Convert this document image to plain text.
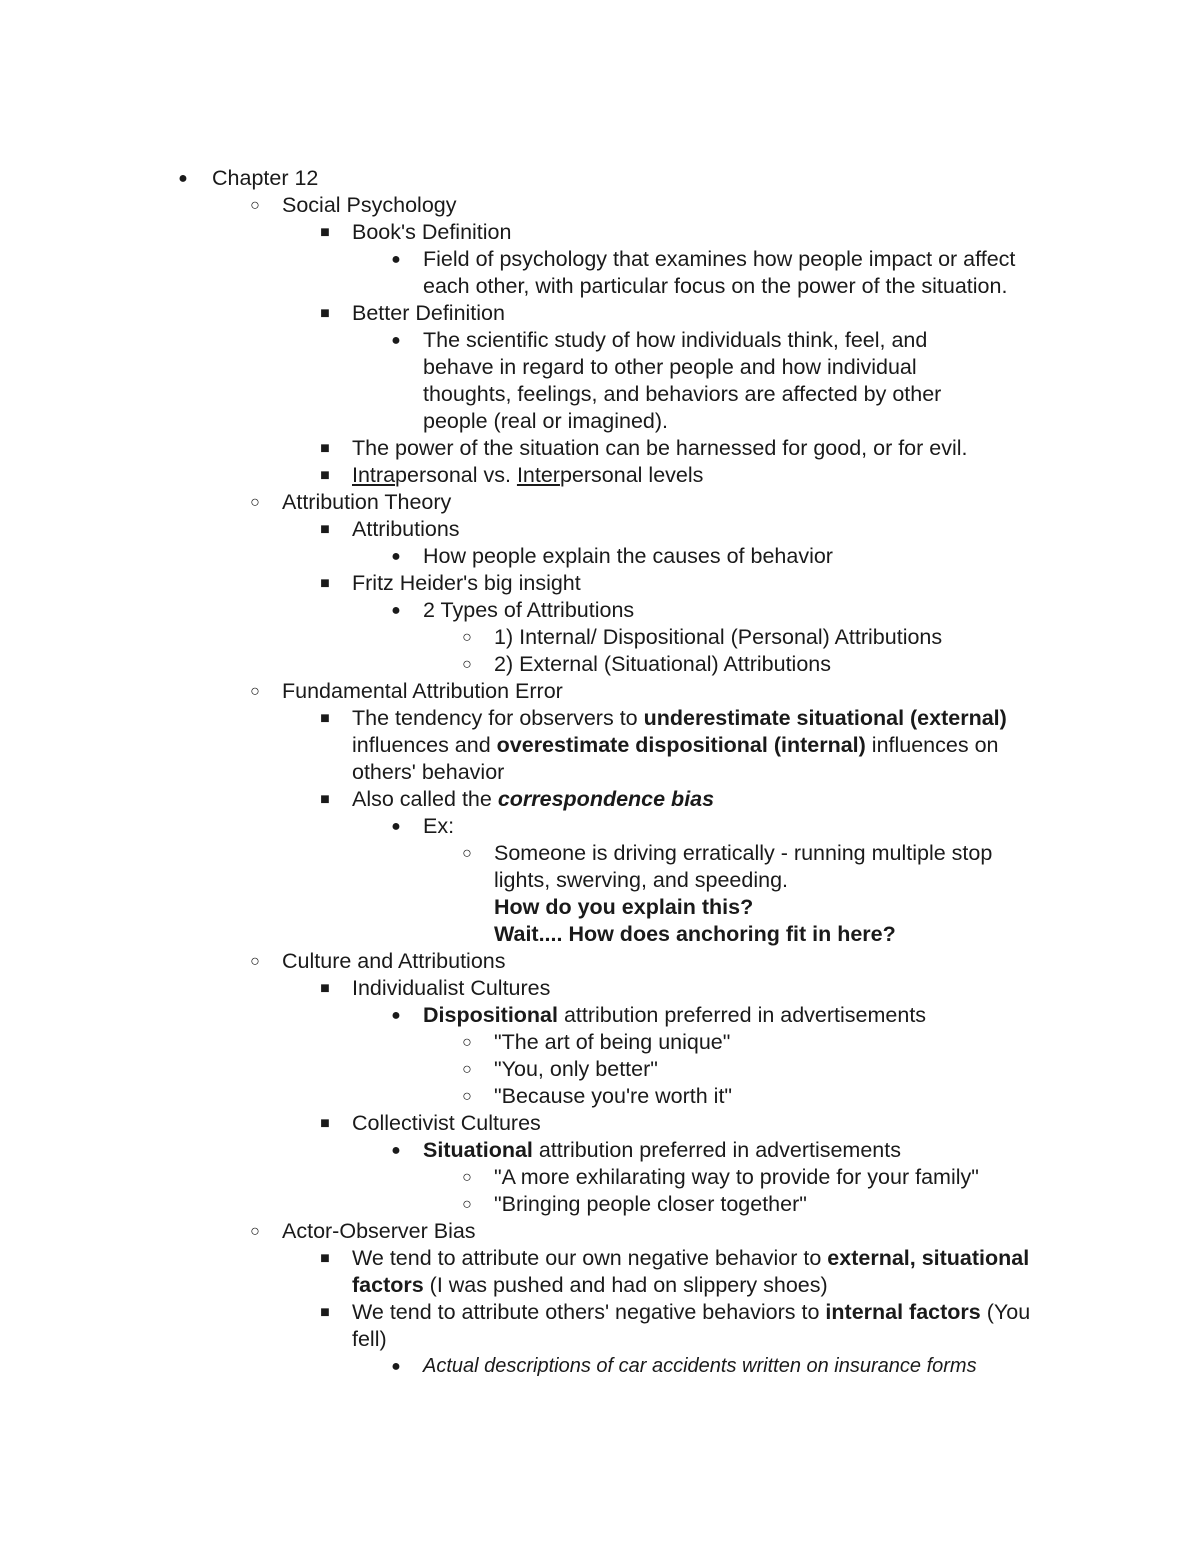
● Chapter 12
○ Social Psychology
■ Book's Definition
● Field of psychology that examines how people impact or affect each other, with particular focus on the power of the situation.
■ Better Definition
● The scientific study of how individuals think, feel, and behave in regard to other people and how individual thoughts, feelings, and behaviors are affected by other people (real or imagined).
■ The power of the situation can be harnessed for good, or for evil.
■ Intrapersonal vs. Interpersonal levels
○ Attribution Theory
■ Attributions
● How people explain the causes of behavior
■ Fritz Heider's big insight
● 2 Types of Attributions
○ 1) Internal/ Dispositional (Personal) Attributions
○ 2) External (Situational) Attributions
○ Fundamental Attribution Error
■ The tendency for observers to underestimate situational (external) influences and overestimate dispositional (internal) influences on others' behavior
■ Also called the correspondence bias
● Ex:
○ Someone is driving erratically - running multiple stop lights, swerving, and speeding.
How do you explain this?
Wait.... How does anchoring fit in here?
○ Culture and Attributions
■ Individualist Cultures
● Dispositional attribution preferred in advertisements
○ "The art of being unique"
○ "You, only better"
○ "Because you're worth it"
■ Collectivist Cultures
● Situational attribution preferred in advertisements
○ "A more exhilarating way to provide for your family"
○ "Bringing people closer together"
○ Actor-Observer Bias
■ We tend to attribute our own negative behavior to external, situational factors (I was pushed and had on slippery shoes)
■ We tend to attribute others' negative behaviors to internal factors (You fell)
●	Actual descriptions of car accidents written on insurance forms
